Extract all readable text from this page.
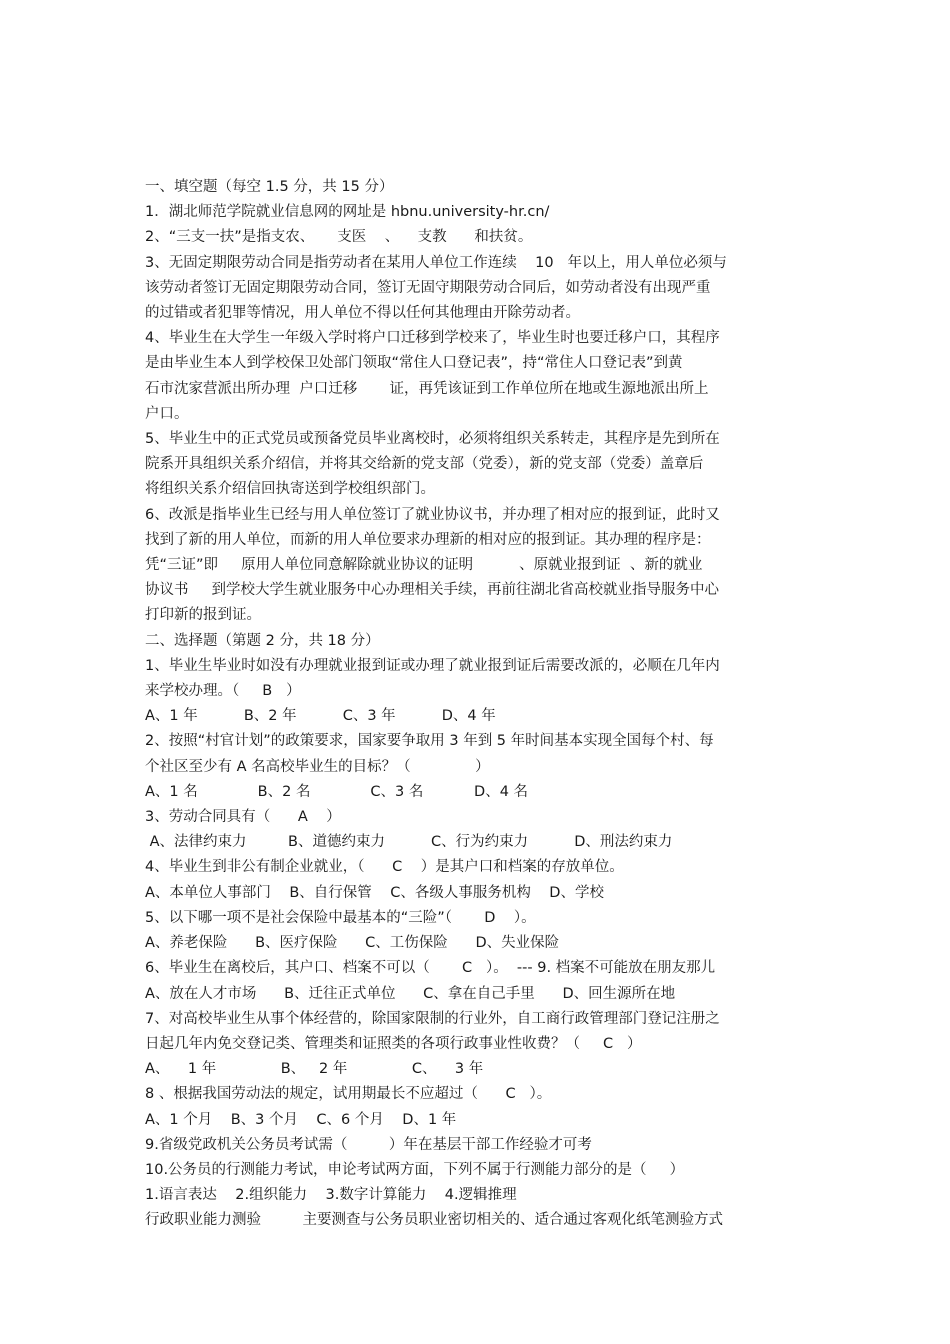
一、填空题（每空 1.5 分，共 15 分）
1．湖北师范学院就业信息网的网址是 hbnu.university-hr.cn/
2、“三支一扶”是指支农、     支医    、    支教      和扶贫。
3、无固定期限劳动合同是指劳动者在某用人单位工作连续    10   年以上，用人单位必须与
该劳动者签订无固定期限劳动合同，签订无固守期限劳动合同后，如劳动者没有出现严重
的过错或者犯罪等情况，用人单位不得以任何其他理由开除劳动者。
4、毕业生在大学生一年级入学时将户口迁移到学校来了，毕业生时也要迁移户口，其程序
是由毕业生本人到学校保卫处部门领取“常住人口登记表”，持“常住人口登记表”到黄
石市沈家营派出所办理  户口迁移       证，再凭该证到工作单位所在地或生源地派出所上
户口。
5、毕业生中的正式党员或预备党员毕业离校时，必须将组织关系转走，其程序是先到所在
院系开具组织关系介绍信，并将其交给新的党支部（党委），新的党支部（党委）盖章后
将组织关系介绍信回执寄送到学校组织部门。
6、改派是指毕业生已经与用人单位签订了就业协议书，并办理了相对应的报到证，此时又
找到了新的用人单位，而新的用人单位要求办理新的相对应的报到证。其办理的程序是：
凭“三证”即     原用人单位同意解除就业协议的证明          、原就业报到证  、新的就业
协议书     到学校大学生就业服务中心办理相关手续，再前往湖北省高校就业指导服务中心
打印新的报到证。
二、选择题（第题 2 分，共 18 分）
1、毕业生毕业时如没有办理就业报到证或办理了就业报到证后需要改派的，必顺在几年内
来学校办理。（     B   ）
A、1 年          B、2 年          C、3 年          D、4 年
2、按照“村官计划”的政策要求，国家要争取用 3 年到 5 年时间基本实现全国每个村、每
个社区至少有 A 名高校毕业生的目标？（              ）
A、1 名             B、2 名             C、3 名           D、4 名
3、劳动合同具有（      A    ）
A、法律约束力         B、道德约束力          C、行为约束力          D、刑法约束力
4、毕业生到非公有制企业就业，（      C    ）是其户口和档案的存放单位。
A、本单位人事部门    B、自行保管    C、各级人事服务机构    D、学校
5、以下哪一项不是社会保险中最基本的“三险”（       D    ）。
A、养老保险      B、医疗保险      C、工伤保险      D、失业保险
6、毕业生在离校后，其户口、档案不可以（       C   ）。  --- 9. 档案不可能放在朋友那儿
A、放在人才市场      B、迁往正式单位      C、拿在自己手里      D、回生源所在地
7、对高校毕业生从事个体经营的，除国家限制的行业外，自工商行政管理部门登记注册之
日起几年内免交登记类、管理类和证照类的各项行政事业性收费？（     C   ）
A、    1 年              B、   2 年              C、    3 年
8 、根据我国劳动法的规定，试用期最长不应超过（      C   ）。
A、1 个月    B、3 个月    C、6 个月    D、1 年
9.省级党政机关公务员考试需（         ）年在基层干部工作经验才可考
10.公务员的行测能力考试，申论考试两方面，下列不属于行测能力部分的是（     ）
1.语言表达    2.组织能力    3.数字计算能力    4.逻辑推理
行政职业能力测验         主要测查与公务员职业密切相关的、适合通过客观化纸笔测验方式
